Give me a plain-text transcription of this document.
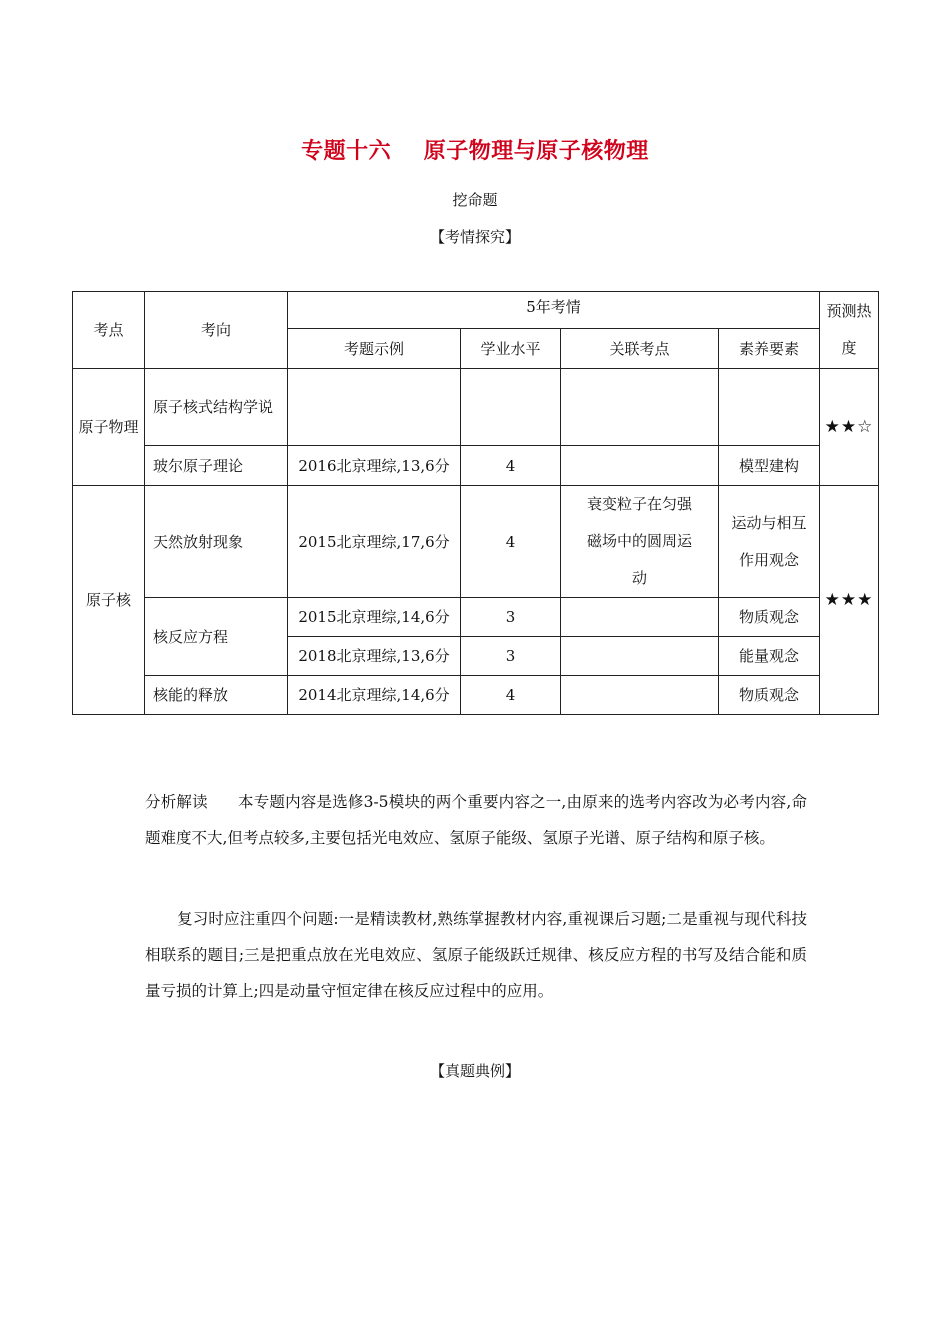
专题十六    原子物理与原子核物理
挖命题
【考情探究】
考点	考向	5年考情				预测热度
		考题示例	学业水平	关联考点	素养要素	
原子物理	原子核式结构学说					★★☆
	玻尔原子理论	2016北京理综,13,6分	4		模型建构	
原子核	天然放射现象	2015北京理综,17,6分	4	衰变粒子在匀强磁场中的圆周运动	运动与相互作用观念	★★★
	核反应方程	2015北京理综,14,6分	3		物质观念	
		2018北京理综,13,6分	3		能量观念	
	核能的释放	2014北京理综,14,6分	4		物质观念	
分析解读 本专题内容是选修3-5模块的两个重要内容之一,由原来的选考内容改为必考内容,命题难度不大,但考点较多,主要包括光电效应、氢原子能级、氢原子光谱、原子结构和原子核。
复习时应注重四个问题:一是精读教材,熟练掌握教材内容,重视课后习题;二是重视与现代科技相联系的题目;三是把重点放在光电效应、氢原子能级跃迁规律、核反应方程的书写及结合能和质量亏损的计算上;四是动量守恒定律在核反应过程中的应用。
【真题典例】
